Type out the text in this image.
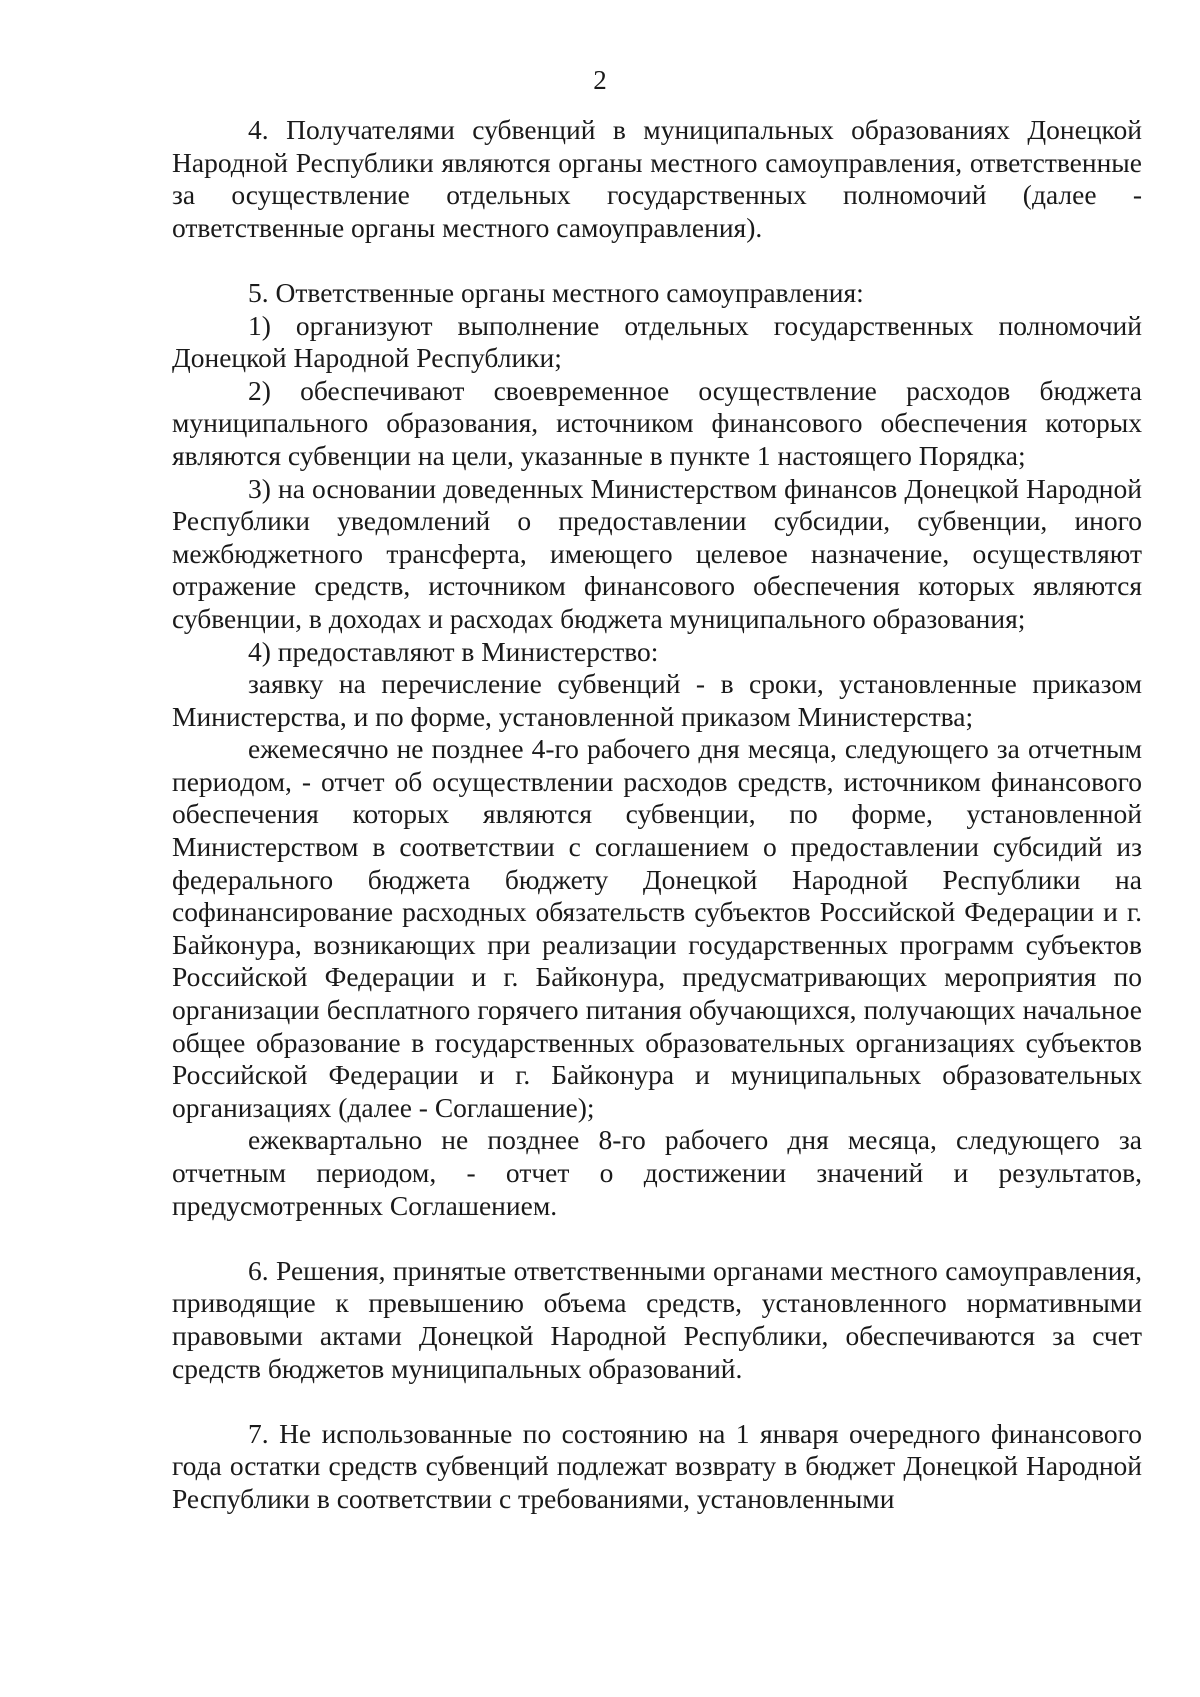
2

4. Получателями субвенций в муниципальных образованиях Донецкой Народной Республики являются органы местного самоуправления, ответственные за осуществление отдельных государственных полномочий (далее - ответственные органы местного самоуправления).

5. Ответственные органы местного самоуправления:

1) организуют выполнение отдельных государственных полномочий Донецкой Народной Республики;

2) обеспечивают своевременное осуществление расходов бюджета муниципального образования, источником финансового обеспечения которых являются субвенции на цели, указанные в пункте 1 настоящего Порядка;

3) на основании доведенных Министерством финансов Донецкой Народной Республики уведомлений о предоставлении субсидии, субвенции, иного межбюджетного трансферта, имеющего целевое назначение, осуществляют отражение средств, источником финансового обеспечения которых являются субвенции, в доходах и расходах бюджета муниципального образования;

4) предоставляют в Министерство:

заявку на перечисление субвенций - в сроки, установленные приказом Министерства, и по форме, установленной приказом Министерства;

ежемесячно не позднее 4-го рабочего дня месяца, следующего за отчетным периодом, - отчет об осуществлении расходов средств, источником финансового обеспечения которых являются субвенции, по форме, установленной Министерством в соответствии с соглашением о предоставлении субсидий из федерального бюджета бюджету Донецкой Народной Республики на софинансирование расходных обязательств субъектов Российской Федерации и г. Байконура, возникающих при реализации государственных программ субъектов Российской Федерации и г. Байконура, предусматривающих мероприятия по организации бесплатного горячего питания обучающихся, получающих начальное общее образование в государственных образовательных организациях субъектов Российской Федерации и г. Байконура и муниципальных образовательных организациях (далее - Соглашение);

ежеквартально не позднее 8-го рабочего дня месяца, следующего за отчетным периодом, - отчет о достижении значений и результатов, предусмотренных Соглашением.

6. Решения, принятые ответственными органами местного самоуправления, приводящие к превышению объема средств, установленного нормативными правовыми актами Донецкой Народной Республики, обеспечиваются за счет средств бюджетов муниципальных образований.

7. Не использованные по состоянию на 1 января очередного финансового года остатки средств субвенций подлежат возврату в бюджет Донецкой Народной Республики в соответствии с требованиями, установленными
